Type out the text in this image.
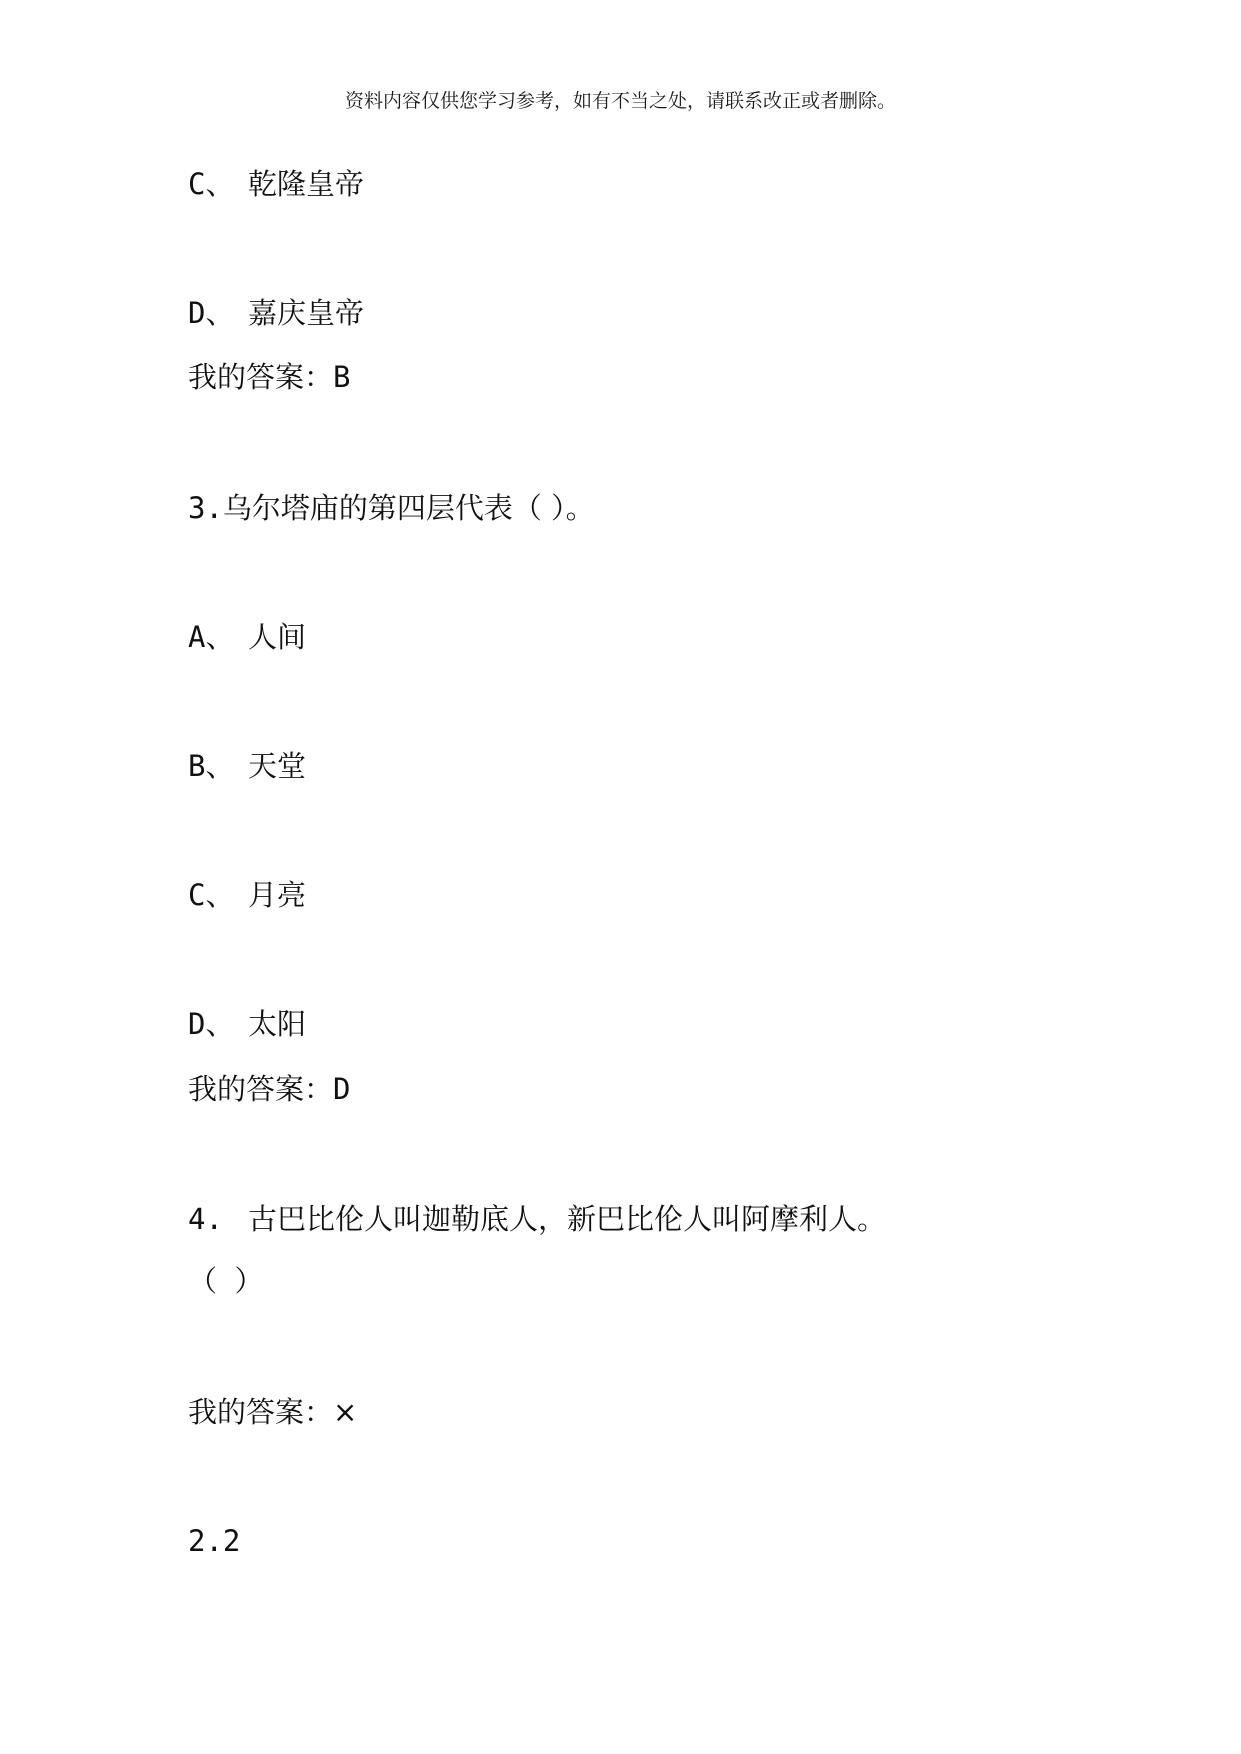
资料内容仅供您学习参考，如有不当之处，请联系改正或者删除。
C、 乾隆皇帝
D、 嘉庆皇帝
我的答案：B
3.乌尔塔庙的第四层代表（ ）。
A、 人间
B、 天堂
C、 月亮
D、 太阳
我的答案：D
4. 古巴比伦人叫迦勒底人，新巴比伦人叫阿摩利人。
（ ）
我的答案：×
2.2
